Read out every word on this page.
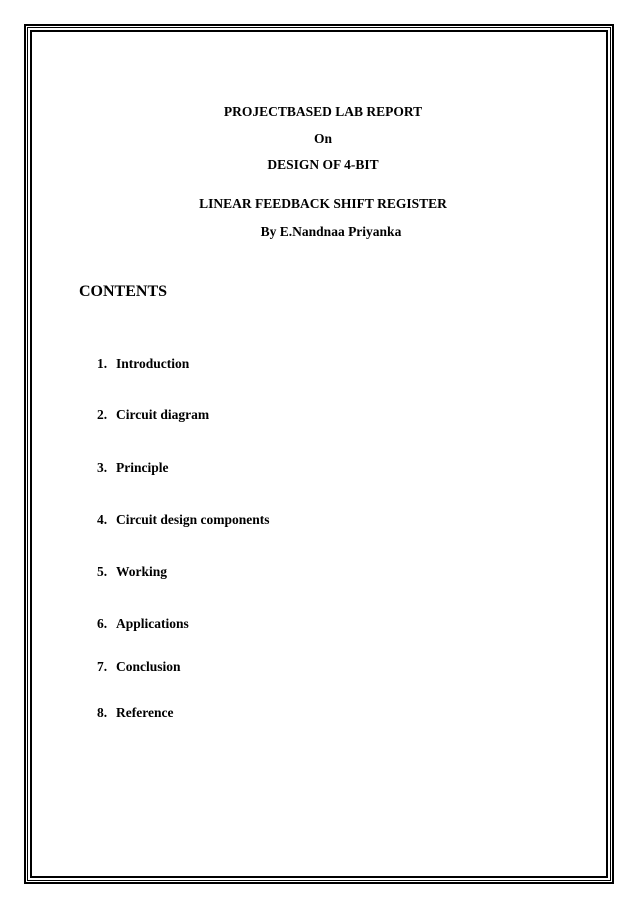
PROJECTBASED LAB REPORT
On
DESIGN OF 4-BIT
LINEAR FEEDBACK SHIFT REGISTER
By E.Nandnaa Priyanka
CONTENTS
1. Introduction
2. Circuit diagram
3. Principle
4. Circuit design components
5. Working
6. Applications
7. Conclusion
8. Reference
